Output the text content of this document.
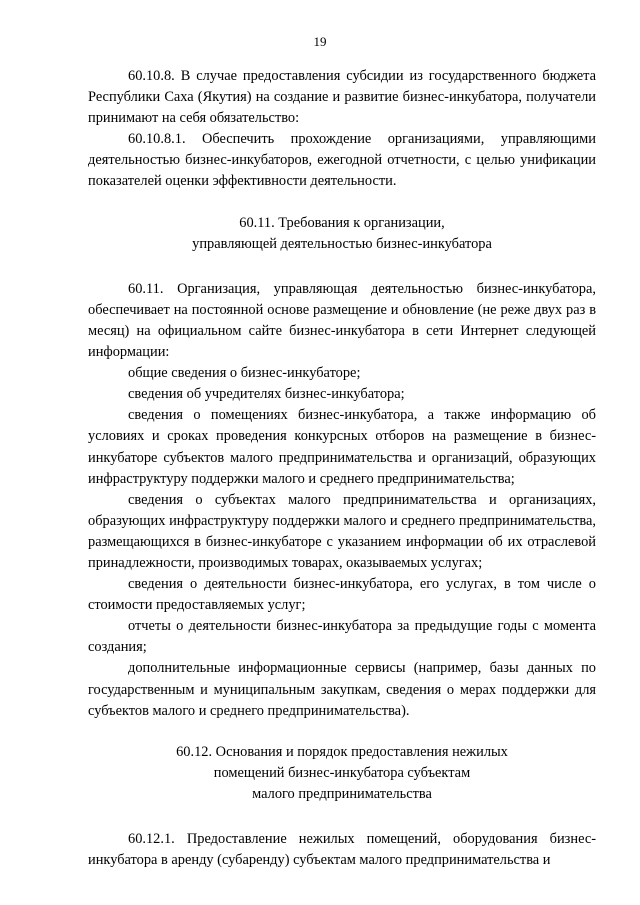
19

60.10.8. В случае предоставления субсидии из государственного бюджета Республики Саха (Якутия) на создание и развитие бизнес-инкубатора, получатели принимают на себя обязательство:

60.10.8.1. Обеспечить прохождение организациями, управляющими деятельностью бизнес-инкубаторов, ежегодной отчетности, с целью унификации показателей оценки эффективности деятельности.

60.11. Требования к организации,

управляющей деятельностью бизнес-инкубатора

60.11. Организация, управляющая деятельностью бизнес-инкубатора, обеспечивает на постоянной основе размещение и обновление (не реже двух раз в месяц) на официальном сайте бизнес-инкубатора в сети Интернет следующей информации:

общие сведения о бизнес-инкубаторе;

сведения об учредителях бизнес-инкубатора;

сведения о помещениях бизнес-инкубатора, а также информацию об условиях и сроках проведения конкурсных отборов на размещение в бизнес-инкубаторе субъектов малого предпринимательства и организаций, образующих инфраструктуру поддержки малого и среднего предпринимательства;

сведения о субъектах малого предпринимательства и организациях, образующих инфраструктуру поддержки малого и среднего предпринимательства, размещающихся в бизнес-инкубаторе с указанием информации об их отраслевой принадлежности, производимых товарах, оказываемых услугах;

сведения о деятельности бизнес-инкубатора, его услугах, в том числе о стоимости предоставляемых услуг;

отчеты о деятельности бизнес-инкубатора за предыдущие годы с момента создания;

дополнительные информационные сервисы (например, базы данных по государственным и муниципальным закупкам, сведения о мерах поддержки для субъектов малого и среднего предпринимательства).

60.12. Основания и порядок предоставления нежилых

помещений бизнес-инкубатора субъектам

малого предпринимательства

60.12.1. Предоставление нежилых помещений, оборудования бизнес-инкубатора в аренду (субаренду) субъектам малого предпринимательства и
